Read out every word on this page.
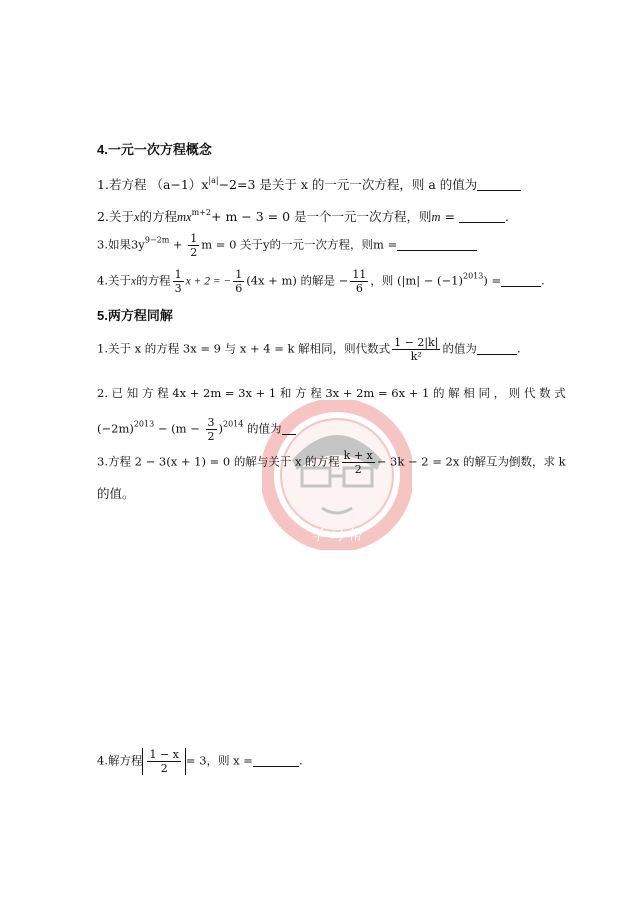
学 习 帮
4.一元一次方程概念
1.若方程 $(a-1)x^{|a|}-2=3$ 是关于 x 的一元一次方程，则 a 的值为
2.关于x的方程$mx^{m+2}+ m - 3 = 0$ 是一个一元一次方程，则m =	.
3.如果$3y^{9-2m} + \frac{1}{2}$ m = 0 关于y的一元一次方程，则m =
4.关于x的方程 $\frac{1}{3}$ x + 2 = − $\frac{1}{6} (4x + m)$ 的解是 − $\frac{11}{6}$ ，则 $(|m| - (-1)^{2013})$ =	.
5.两方程同解
1.关于 x 的方程 3x = 9 与 x + 4 = k 解相同，则代数式 $\frac{1 - 2|k|}{\text{k²}}$ 的值为	.
2. 已 知 方 程 4x + 2m = 3x + 1 和 方 程 3x + 2m = 6x + 1 的 解 相 同 ， 则 代 数 式
$(-2m)^{2013} - (m - \frac{3}{2} )^{2014}$ 的值为
3.方程 2 − 3(x + 1) = 0 的解与关于 x 的方程 $\frac{k + x}{2} - 3k - 2 = 2x$ 的解互为倒数，求 k
的值。
4.解方程 $\frac{1 - x}{2} = 3$，则 x =	.
